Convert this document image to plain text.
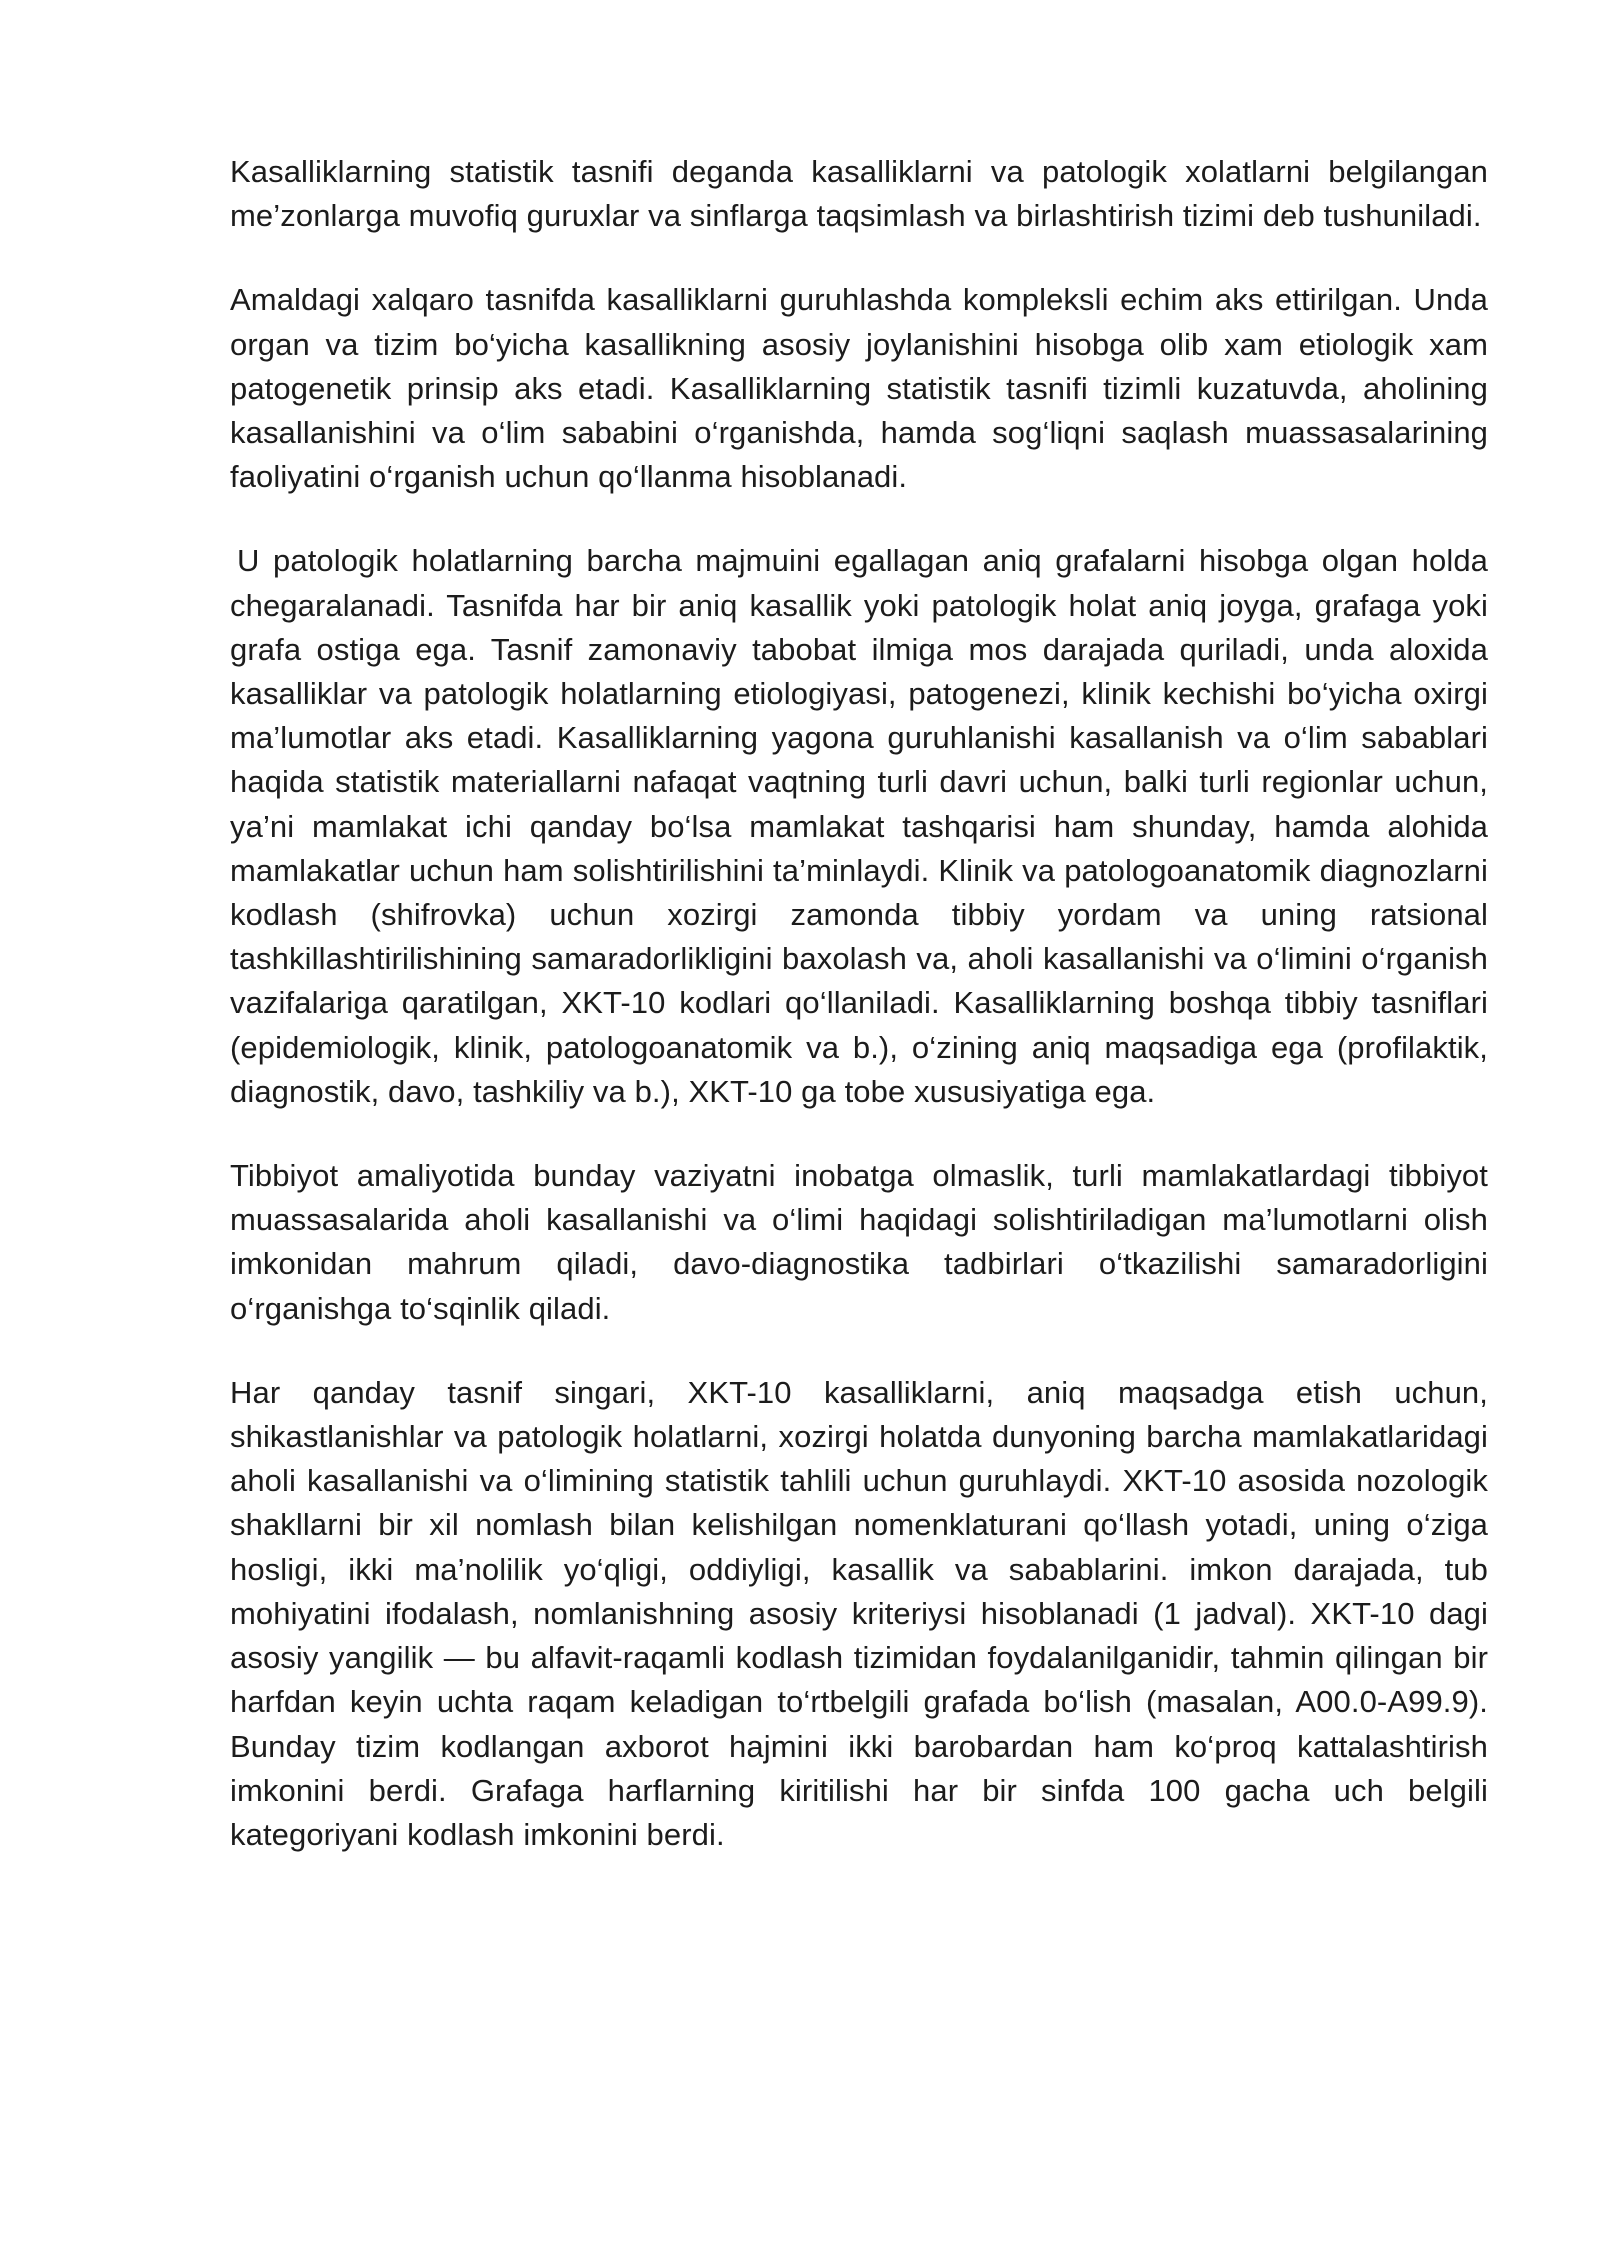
Kasalliklarning statistik tasnifi deganda kasalliklarni va patologik xolatlarni belgilangan me’zonlarga muvofiq guruxlar va sinflarga taqsimlash va birlashtirish tizimi deb tushuniladi.

Amaldagi xalqaro tasnifda kasalliklarni guruhlashda kompleksli echim aks ettirilgan. Unda organ va tizim bo‘yicha kasallikning asosiy joylanishini hisobga olib xam etiologik xam patogenetik prinsip aks etadi. Kasalliklarning statistik tasnifi tizimli kuzatuvda, aholining kasallanishini va o‘lim sababini o‘rganishda, hamda sog‘liqni saqlash muassasalarining faoliyatini o‘rganish uchun qo‘llanma hisoblanadi.

U patologik holatlarning barcha majmuini egallagan aniq grafalarni hisobga olgan holda chegaralanadi. Tasnifda har bir aniq kasallik yoki patologik holat aniq joyga, grafaga yoki grafa ostiga ega. Tasnif zamonaviy tabobat ilmiga mos darajada quriladi, unda aloxida kasalliklar va patologik holatlarning etiologiyasi, patogenezi, klinik kechishi bo‘yicha oxirgi ma’lumotlar aks etadi. Kasalliklarning yagona guruhlanishi kasallanish va o‘lim sabablari haqida statistik materiallarni nafaqat vaqtning turli davri uchun, balki turli regionlar uchun, ya’ni mamlakat ichi qanday bo‘lsa mamlakat tashqarisi ham shunday, hamda alohida mamlakatlar uchun ham solishtirilishini ta’minlaydi. Klinik va patologoanatomik diagnozlarni kodlash (shifrovka) uchun xozirgi zamonda tibbiy yordam va uning ratsional tashkillashtirilishining samaradorlikligini baxolash va, aholi kasallanishi va o‘limini o‘rganish vazifalariga qaratilgan, XKT-10 kodlari qo‘llaniladi. Kasalliklarning boshqa tibbiy tasniflari (epidemiologik, klinik, patologoanatomik va b.), o‘zining aniq maqsadiga ega (profilaktik, diagnostik, davo, tashkiliy va b.), XKT-10 ga tobe xususiyatiga ega.

Tibbiyot amaliyotida bunday vaziyatni inobatga olmaslik, turli mamlakatlardagi tibbiyot muassasalarida aholi kasallanishi va o‘limi haqidagi solishtiriladigan ma’lumotlarni olish imkonidan mahrum qiladi, davo-diagnostika tadbirlari o‘tkazilishi samaradorligini o‘rganishga to‘sqinlik qiladi.

Har qanday tasnif singari, XKT-10 kasalliklarni, aniq maqsadga etish uchun, shikastlanishlar va patologik holatlarni, xozirgi holatda dunyoning barcha mamlakatlaridagi aholi kasallanishi va o‘limining statistik tahlili uchun guruhlaydi. XKT-10 asosida nozologik shakllarni bir xil nomlash bilan kelishilgan nomenklaturani qo‘llash yotadi, uning o‘ziga hosligi, ikki ma’nolilik yo‘qligi, oddiyligi, kasallik va sabablarini. imkon darajada, tub mohiyatini ifodalash, nomlanishning asosiy kriteriysi hisoblanadi (1 jadval). XKT-10 dagi asosiy yangilik — bu alfavit-raqamli kodlash tizimidan foydalanilganidir, tahmin qilingan bir harfdan keyin uchta raqam keladigan to‘rtbelgili grafada bo‘lish (masalan, A00.0-A99.9). Bunday tizim kodlangan axborot hajmini ikki barobardan ham ko‘proq kattalashtirish imkonini berdi. Grafaga harflarning kiritilishi har bir sinfda 100 gacha uch belgili kategoriyani kodlash imkonini berdi.
